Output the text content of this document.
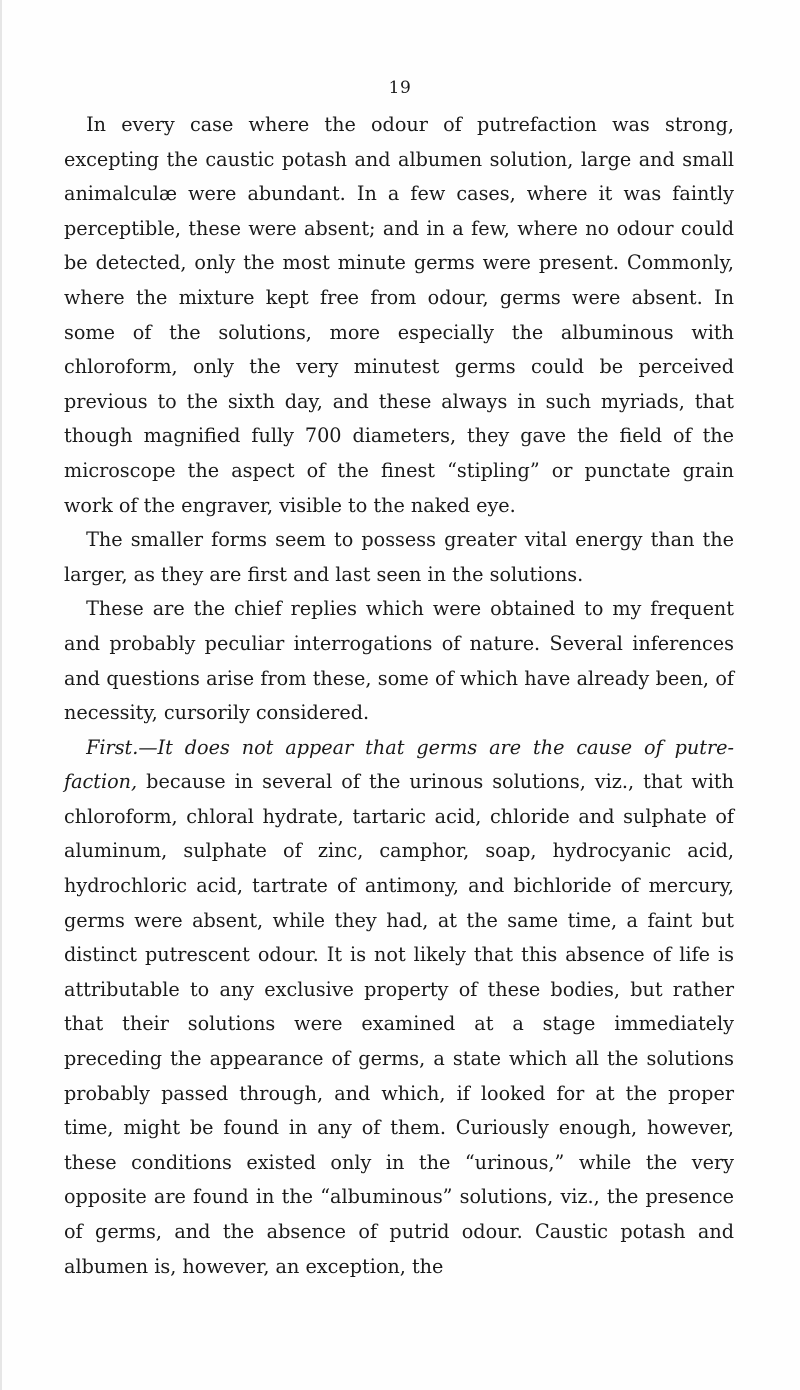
19

In every case where the odour of putrefaction was strong, excepting the caustic potash and albumen solution, large and small animalculæ were abundant. In a few cases, where it was faintly perceptible, these were absent; and in a few, where no odour could be detected, only the most minute germs were present. Commonly, where the mixture kept free from odour, germs were absent. In some of the solutions, more especially the albuminous with chloroform, only the very minutest germs could be perceived previous to the sixth day, and these always in such myriads, that though magnified fully 700 diameters, they gave the field of the microscope the aspect of the finest “stipling” or punctate grain work of the engraver, visible to the naked eye.

The smaller forms seem to possess greater vital energy than the larger, as they are first and last seen in the solutions.

These are the chief replies which were obtained to my frequent and probably peculiar interrogations of nature. Several inferences and questions arise from these, some of which have already been, of necessity, cursorily considered.

First.—It does not appear that germs are the cause of putrefaction, because in several of the urinous solutions, viz., that with chloroform, chloral hydrate, tartaric acid, chloride and sulphate of aluminum, sulphate of zinc, camphor, soap, hydrocyanic acid, hydrochloric acid, tartrate of antimony, and bichloride of mercury, germs were absent, while they had, at the same time, a faint but distinct putrescent odour. It is not likely that this absence of life is attributable to any exclusive property of these bodies, but rather that their solutions were examined at a stage immediately preceding the appearance of germs, a state which all the solutions probably passed through, and which, if looked for at the proper time, might be found in any of them. Curiously enough, however, these conditions existed only in the “urinous,” while the very opposite are found in the “albuminous” solutions, viz., the presence of germs, and the absence of putrid odour. Caustic potash and albumen is, however, an exception, the
